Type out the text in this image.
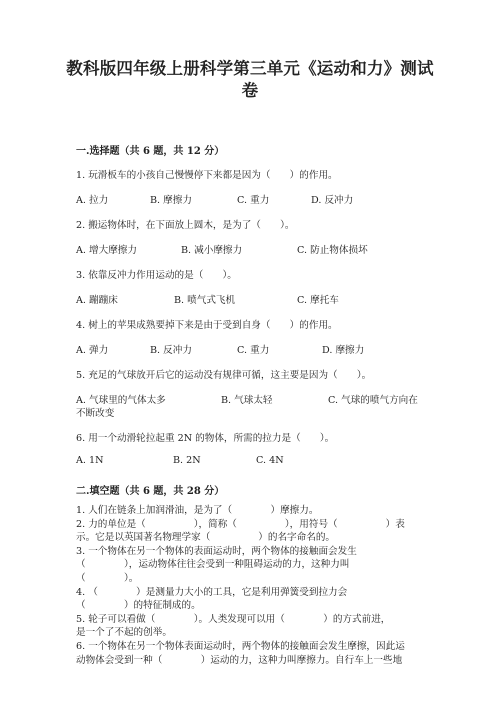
教科版四年级上册科学第三单元《运动和力》测试
卷
一.选择题（共 6 题，共 12 分）
1. 玩滑板车的小孩自己慢慢停下来都是因为（　　）的作用。
A. 拉力	B. 摩擦力	C. 重力	D. 反冲力
2. 搬运物体时，在下面放上圆木，是为了（　　）。
A. 增大摩擦力	B. 减小摩擦力	C. 防止物体损坏
3. 依靠反冲力作用运动的是（　　）。
A. 蹦蹦床	B. 喷气式飞机	C. 摩托车
4. 树上的苹果成熟要掉下来是由于受到自身（　　）的作用。
A. 弹力	B. 反冲力	C. 重力	D. 摩擦力
5. 充足的气球放开后它的运动没有规律可循，这主要是因为（　　）。
A. 气球里的气体太多	B. 气球太轻	C. 气球的喷气方向在
不断改变
6. 用一个动滑轮拉起重 2N 的物体，所需的拉力是（　　）。
A. 1N	B. 2N	C. 4N
二.填空题（共 6 题，共 28 分）
1. 人们在链条上加润滑油，是为了（　　　　）摩擦力。
2. 力的单位是（　　　　　），简称（　　　　　），用符号（　　　　　）表
示。它是以英国著名物理学家（　　　　　）的名字命名的。
3. 一个物体在另一个物体的表面运动时，两个物体的接触面会发生
（　　　　），运动物体往往会受到一种阻碍运动的力，这种力叫
（　　　　）。
4. （　　　　）是测量力大小的工具，它是利用弹簧受到拉力会
（　　　　）的特征制成的。
5. 轮子可以看做（　　　　）。人类发现可以用（　　　　）的方式前进，
是一个了不起的创举。
6. 一个物体在另一个物体表面运动时，两个物体的接触面会发生摩擦，因此运
动物体会受到一种（　　　　）运动的力，这种力叫摩擦力。自行车上一些地
